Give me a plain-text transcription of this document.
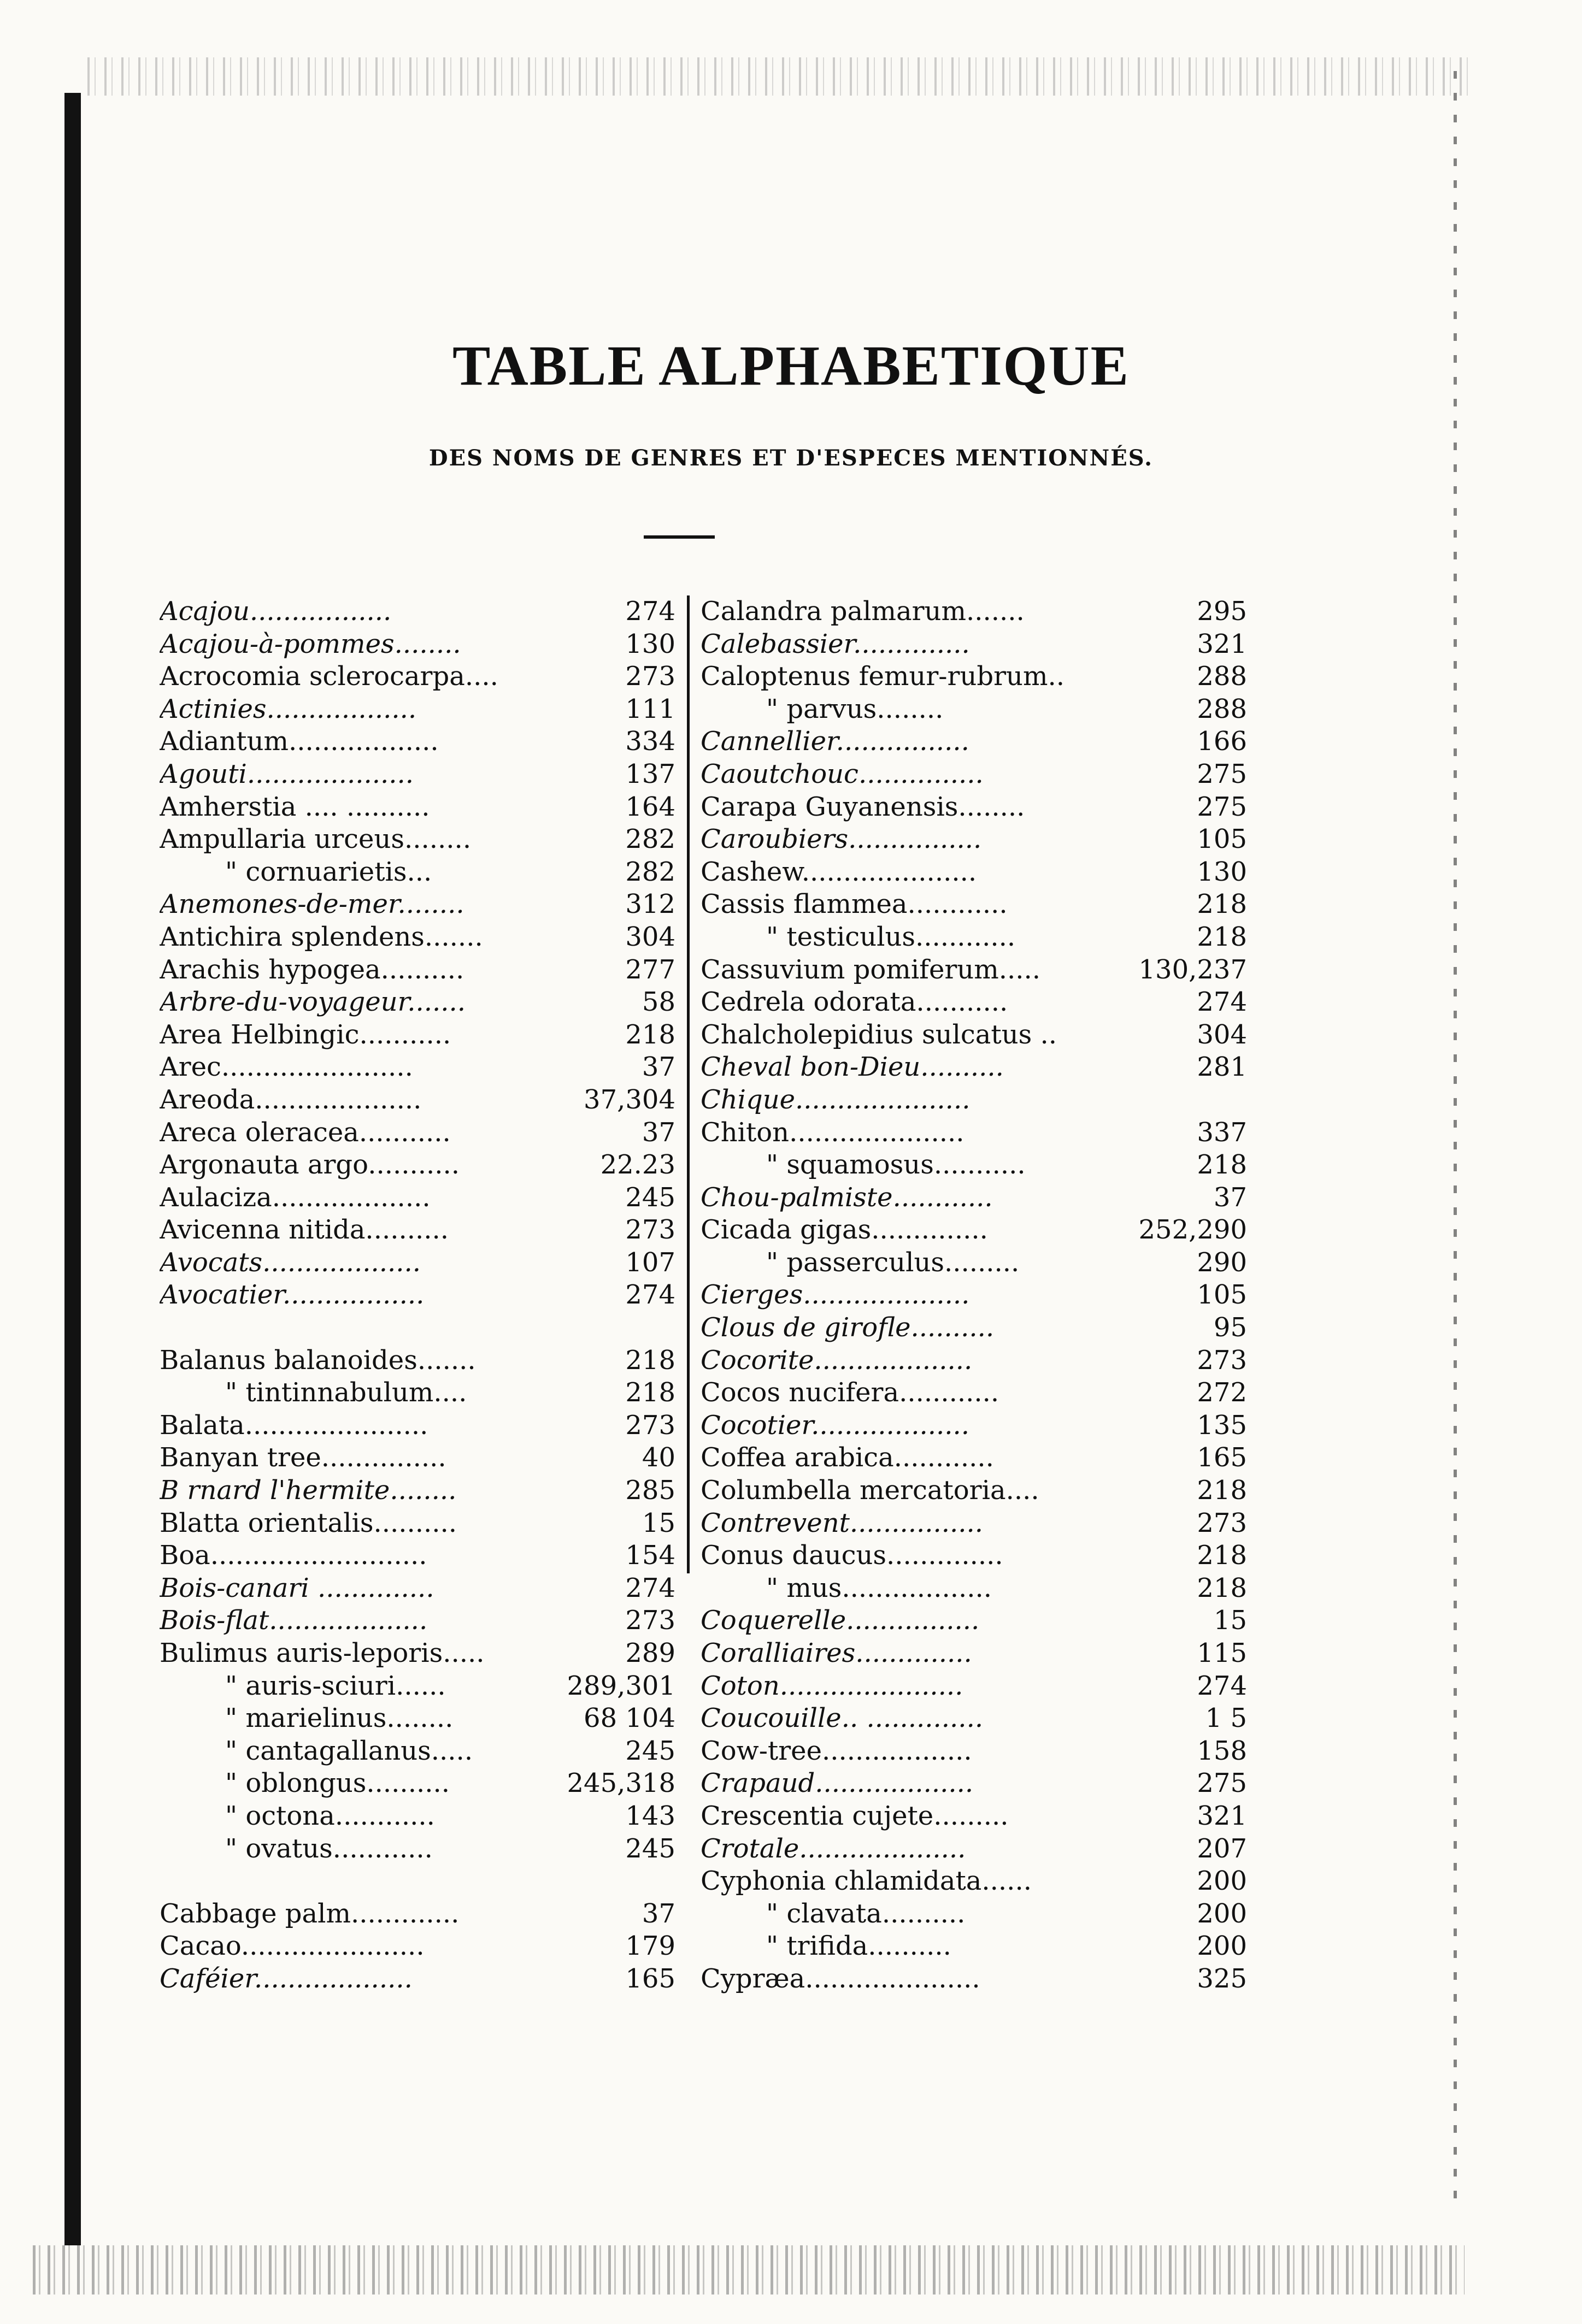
TABLE ALPHABETIQUE
DES NOMS DE GENRES ET D'ESPECES MENTIONNÉS.
Acajou.................	274
Acajou-à-pommes........	130
Acrocomia sclerocarpa....	273
Actinies..................	111
Adiantum..................	334
Agouti....................	137
Amherstia .... ..........	164
Ampullaria urceus........	282
" cornuarietis...	282
Anemones-de-mer........	312
Antichira splendens.......	304
Arachis hypogea..........	277
Arbre-du-voyageur.......	58
Area Helbingic...........	218
Arec.......................	37
Areoda....................	37,304
Areca oleracea...........	37
Argonauta argo...........	22.23
Aulaciza...................	245
Avicenna nitida..........	273
Avocats...................	107
Avocatier.................	274
Balanus balanoides.......	218
" tintinnabulum....	218
Balata......................	273
Banyan tree...............	40
B rnard l'hermite........	285
Blatta orientalis..........	15
Boa..........................	154
Bois-canari ..............	274
Bois-flat...................	273
Bulimus auris-leporis.....	289
" auris-sciuri......	289,301
" marielinus........	68 104
" cantagallanus.....	245
" oblongus..........	245,318
" octona............	143
" ovatus............	245
Cabbage palm.............	37
Cacao......................	179
Caféier...................	165
Calandra palmarum.......	295
Calebassier..............	321
Caloptenus femur-rubrum..	288
" parvus........	288
Cannellier................	166
Caoutchouc...............	275
Carapa Guyanensis........	275
Caroubiers................	105
Cashew.....................	130
Cassis flammea............	218
" testiculus............	218
Cassuvium pomiferum.....	130,237
Cedrela odorata...........	274
Chalcholepidius sulcatus ..	304
Cheval bon-Dieu..........	281
Chique.....................
Chiton.....................	337
" squamosus...........	218
Chou-palmiste............	37
Cicada gigas..............	252,290
" passerculus.........	290
Cierges....................	105
Clous de girofle..........	95
Cocorite...................	273
Cocos nucifera............	272
Cocotier...................	135
Coffea arabica............	165
Columbella mercatoria....	218
Contrevent................	273
Conus daucus..............	218
" mus..................	218
Coquerelle................	15
Coralliaires..............	115
Coton......................	274
Coucouille.. ..............	1 5
Cow-tree..................	158
Crapaud...................	275
Crescentia cujete.........	321
Crotale....................	207
Cyphonia chlamidata......	200
" clavata..........	200
" trifida..........	200
Cypræa.....................	325
